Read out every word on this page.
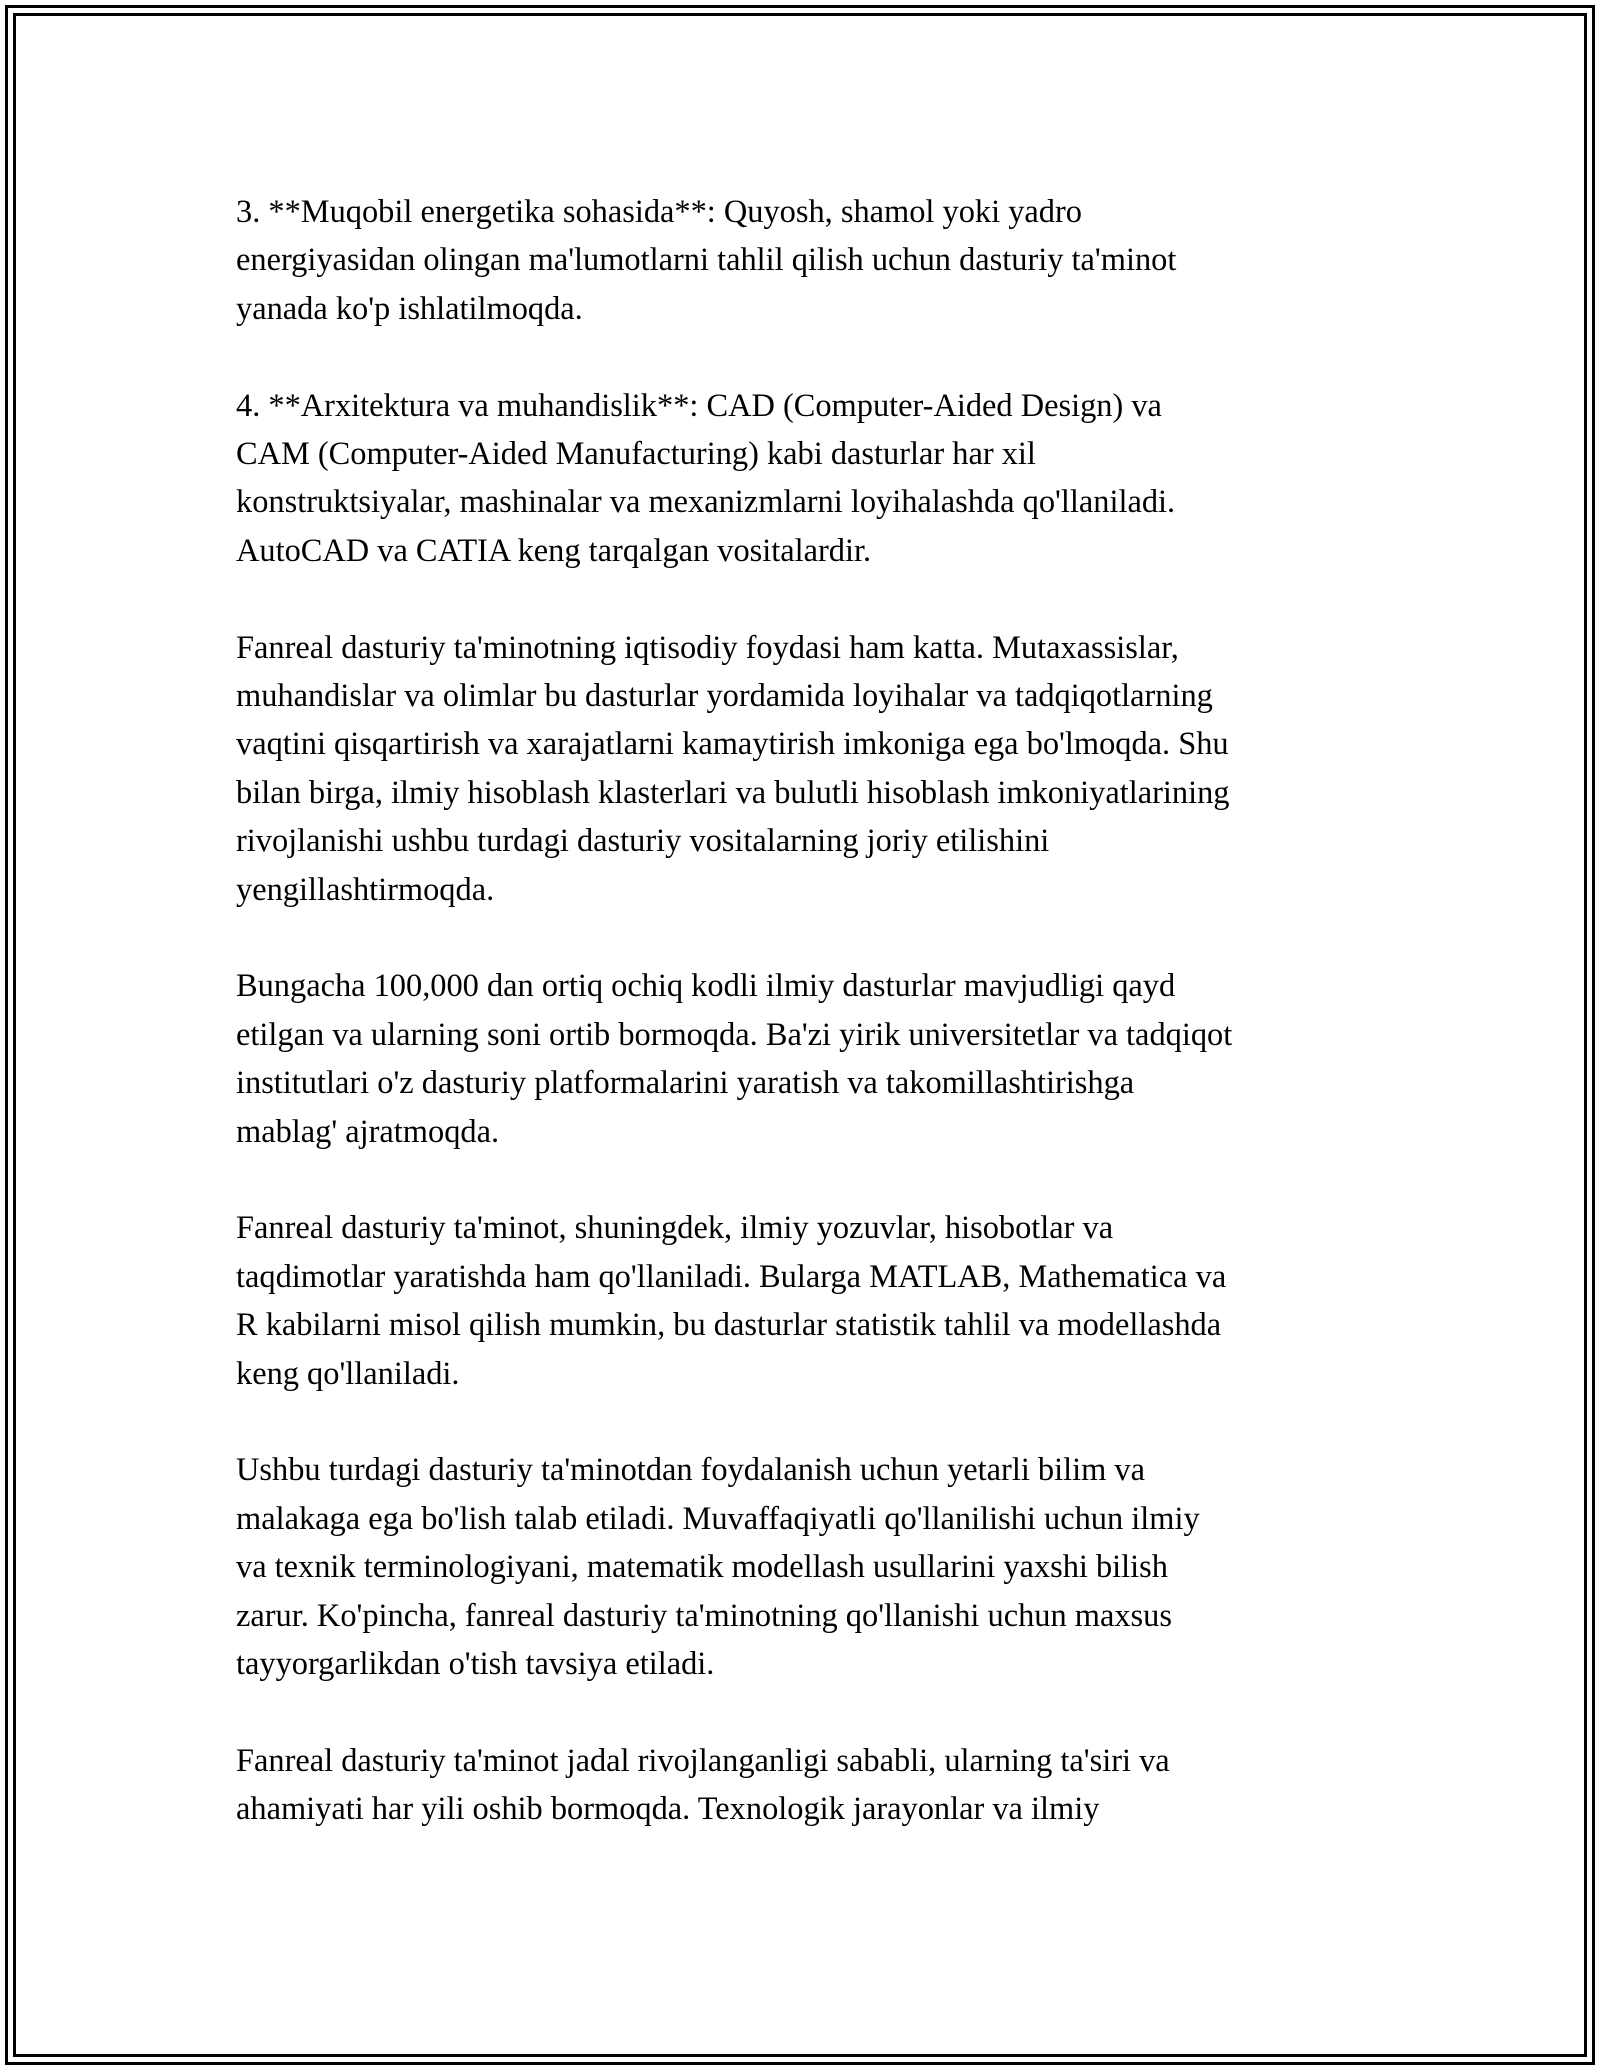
3. **Muqobil energetika sohasida**: Quyosh, shamol yoki yadro
energiyasidan olingan ma'lumotlarni tahlil qilish uchun dasturiy ta'minot
yanada ko'p ishlatilmoqda.

4. **Arxitektura va muhandislik**: CAD (Computer-Aided Design) va
CAM (Computer-Aided Manufacturing) kabi dasturlar har xil
konstruktsiyalar, mashinalar va mexanizmlarni loyihalashda qo'llaniladi.
AutoCAD va CATIA keng tarqalgan vositalardir.

Fanreal dasturiy ta'minotning iqtisodiy foydasi ham katta. Mutaxassislar,
muhandislar va olimlar bu dasturlar yordamida loyihalar va tadqiqotlarning
vaqtini qisqartirish va xarajatlarni kamaytirish imkoniga ega bo'lmoqda. Shu
bilan birga, ilmiy hisoblash klasterlari va bulutli hisoblash imkoniyatlarining
rivojlanishi ushbu turdagi dasturiy vositalarning joriy etilishini
yengillashtirmoqda.

Bungacha 100,000 dan ortiq ochiq kodli ilmiy dasturlar mavjudligi qayd
etilgan va ularning soni ortib bormoqda. Ba'zi yirik universitetlar va tadqiqot
institutlari o'z dasturiy platformalarini yaratish va takomillashtirishga
mablag' ajratmoqda.

Fanreal dasturiy ta'minot, shuningdek, ilmiy yozuvlar, hisobotlar va
taqdimotlar yaratishda ham qo'llaniladi. Bularga MATLAB, Mathematica va
R kabilarni misol qilish mumkin, bu dasturlar statistik tahlil va modellashda
keng qo'llaniladi.

Ushbu turdagi dasturiy ta'minotdan foydalanish uchun yetarli bilim va
malakaga ega bo'lish talab etiladi. Muvaffaqiyatli qo'llanilishi uchun ilmiy
va texnik terminologiyani, matematik modellash usullarini yaxshi bilish
zarur. Ko'pincha, fanreal dasturiy ta'minotning qo'llanishi uchun maxsus
tayyorgarlikdan o'tish tavsiya etiladi.

Fanreal dasturiy ta'minot jadal rivojlanganligi sababli, ularning ta'siri va
ahamiyati har yili oshib bormoqda. Texnologik jarayonlar va ilmiy
